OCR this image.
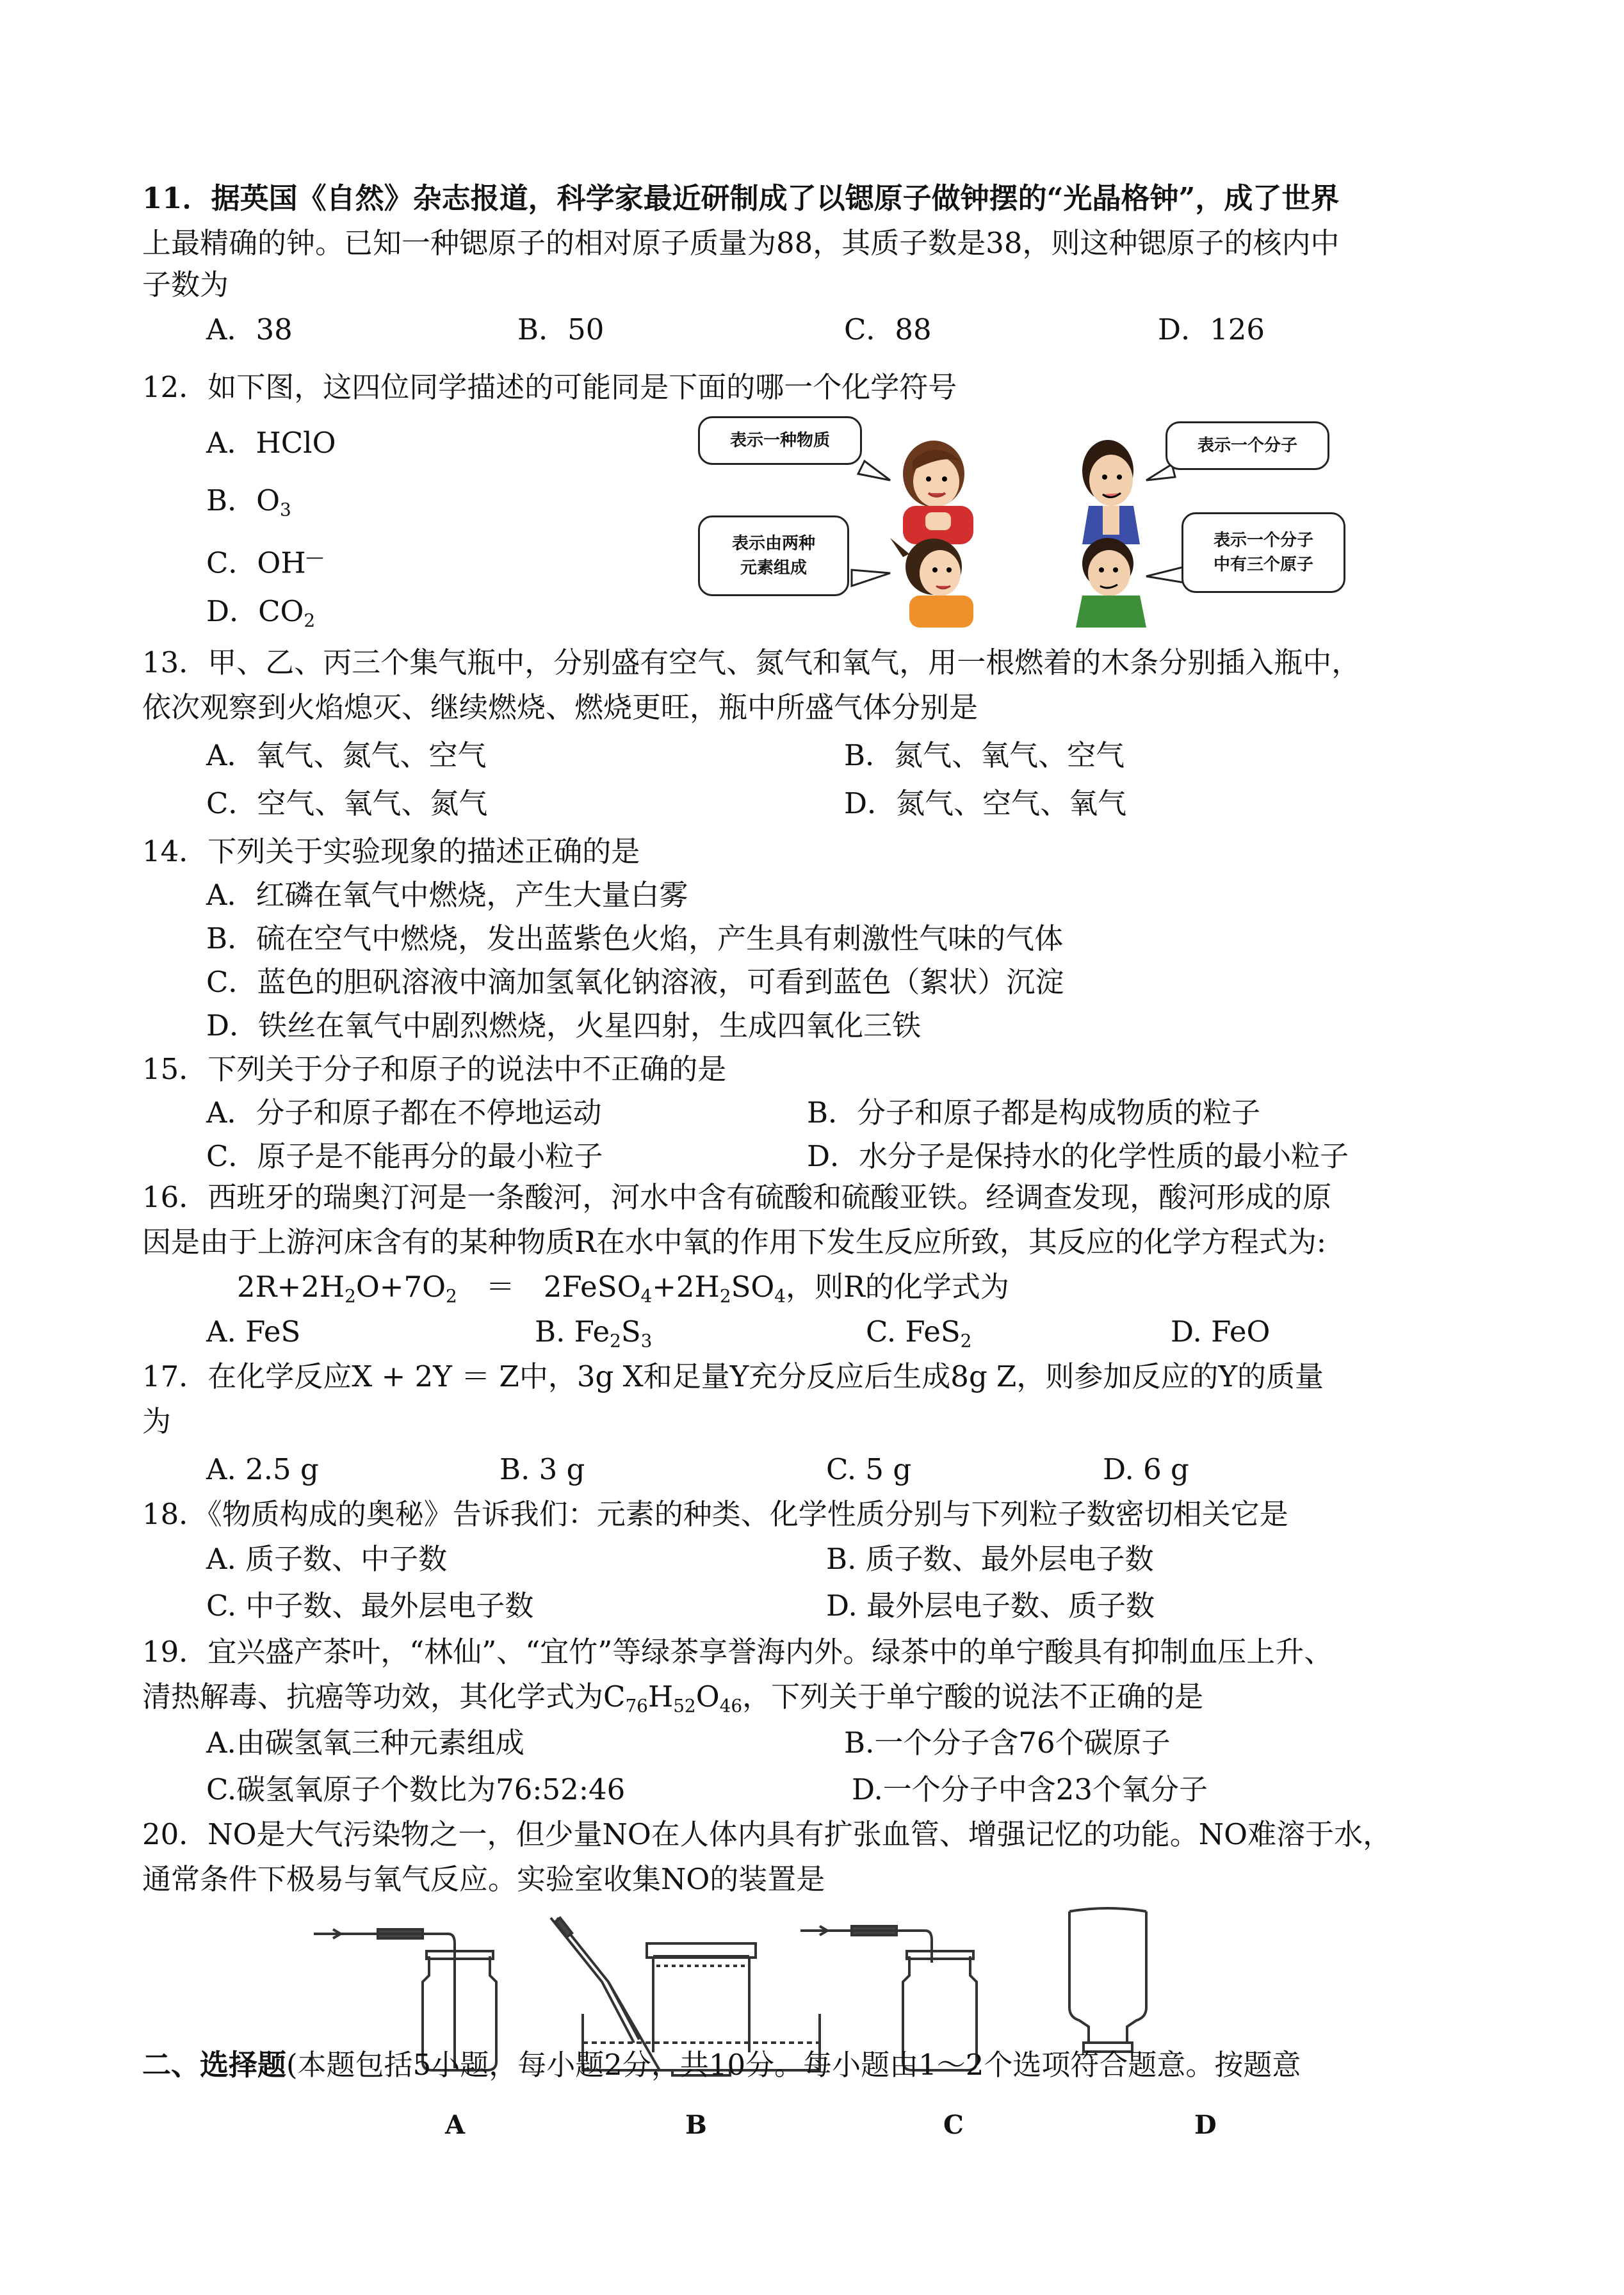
11．据英国《自然》杂志报道，科学家最近研制成了以锶原子做钟摆的“光晶格钟”，成了世界
上最精确的钟。已知一种锶原子的相对原子质量为88，其质子数是38，则这种锶原子的核内中
子数为
A．38	B．50	C．88	D．126
12．如下图，这四位同学描述的可能同是下面的哪一个化学符号
A．HClO
B．$O_3$
C．OH—
D．$CO_2$
表示一种物质	表示一个分子
表示由两种
元素组成
表示一个分子
中有三个原子
13．甲、乙、丙三个集气瓶中，分别盛有空气、氮气和氧气，用一根燃着的木条分别插入瓶中，
依次观察到火焰熄灭、继续燃烧、燃烧更旺，瓶中所盛气体分别是
A．氧气、氮气、空气	B．氮气、氧气、空气
C．空气、氧气、氮气	D．氮气、空气、氧气
14．下列关于实验现象的描述正确的是
A．红磷在氧气中燃烧，产生大量白雾
B．硫在空气中燃烧，发出蓝紫色火焰，产生具有刺激性气味的气体
C．蓝色的胆矾溶液中滴加氢氧化钠溶液，可看到蓝色（絮状）沉淀
D．铁丝在氧气中剧烈燃烧，火星四射，生成四氧化三铁
15．下列关于分子和原子的说法中不正确的是
A．分子和原子都在不停地运动	B．分子和原子都是构成物质的粒子
C．原子是不能再分的最小粒子	D．水分子是保持水的化学性质的最小粒子
16．西班牙的瑞奥汀河是一条酸河，河水中含有硫酸和硫酸亚铁。经调查发现，酸河形成的原
因是由于上游河床含有的某种物质R在水中氧的作用下发生反应所致，其反应的化学方程式为:
$2R+2H_2O+7O_2$　＝　$2FeSO_4+2H_2SO_4$，则R的化学式为
A. FeS	B. $Fe_2S_3$	C. FeS$_2$	D. FeO
17．在化学反应X + 2Y ＝ Z中，3g X和足量Y充分反应后生成8g Z，则参加反应的Y的质量
为
A. 2.5 g	B. 3 g	C. 5 g	D. 6 g
18．《物质构成的奥秘》告诉我们：元素的种类、化学性质分别与下列粒子数密切相关它是
A. 质子数、中子数	B. 质子数、最外层电子数
C. 中子数、最外层电子数	D. 最外层电子数、质子数
19．宜兴盛产茶叶，“林仙”、“宜竹”等绿茶享誉海内外。绿茶中的单宁酸具有抑制血压上升、
清热解毒、抗癌等功效，其化学式为$C_{76}H_{52}O_{46}$，下列关于单宁酸的说法不正确的是
A.由碳氢氧三种元素组成	B.一个分子含76个碳原子
C.碳氢氧原子个数比为76:52:46	D.一个分子中含23个氧分子
20．NO是大气污染物之一，但少量NO在人体内具有扩张血管、增强记忆的功能。NO难溶于水，
通常条件下极易与氧气反应。实验室收集NO的装置是
A	B	C	D
二、选择题(本题包括5小题，每小题2分，共10分。每小题由1～2个选项符合题意。按题意
